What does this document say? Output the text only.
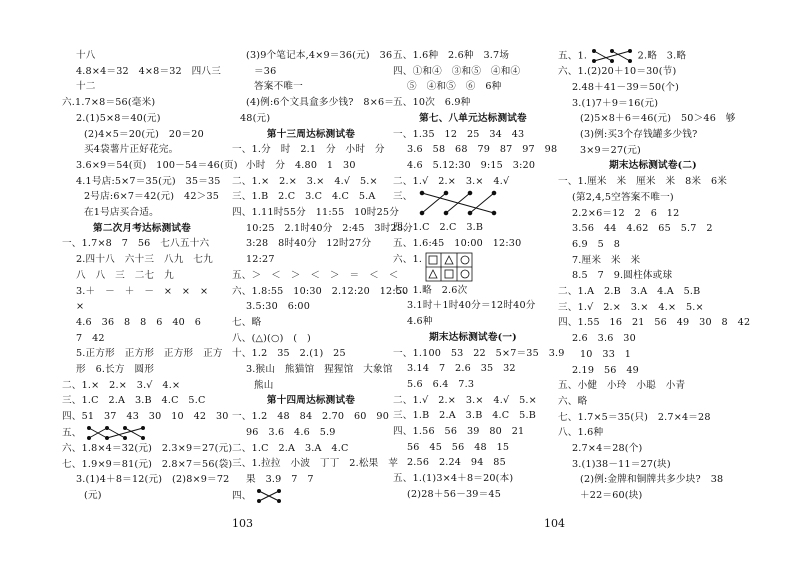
十八
4.8×4＝32　4×8＝32　四八三
十二
六.1.7×8＝56(毫米)
2.(1)5×8＝40(元)
(2)4×5＝20(元)　20＝20
买4袋薯片正好花完。
3.6×9＝54(页)　100－54＝46(页)
4.1号店:5×7＝35(元)　35＝35
2号店:6×7＝42(元)　42＞35
在1号店买合适。
第二次月考达标测试卷
一、1.7×8　7　56　七八五十六
2.四十八　六十三　八九　七九
八　八　三　二七　九
3.＋　－　＋　－　×　×　×
×
4.6　36　8　8　6　40　6
7　42
5.正方形　正方形　正方形　正方
形　6.长方　圆形
二、1.×　2.×　3.√　4.×
三、1.C　2.A　3.B　4.C　5.C
四、51　37　43　30　10　42　30
五、
六、1.8×4＝32(元)　2.3×9＝27(元)
七、1.9×9＝81(元)　2.8×7＝56(袋)
3.(1)4＋8＝12(元)　(2)8×9＝72
(元)
(3)9个笔记本,4×9＝36(元)　36
＝36
答案不唯一
(4)例:6个文具盒多少钱?　8×6＝
48(元)
第十三周达标测试卷
一、1.分　时　2.1　分　小时　分
小时　分　4.80　1　30
二、1.×　2.×　3.×　4.√　5.×
三、1.B　2.C　3.C　4.C　5.A
四、1.11时55分　11:55　10时25分
10:25　2.1时40分　2:45　3时28分
3:28　8时40分　12时27分
12:27
五、＞　＜　＞　＜　＞　＝　＜　＜
六、1.8:55　10:30　2.12:20　12:50
3.5:30　6:00
七、略
八、(△)(○)　(　)
十、1.2　35　2.(1)　25
3.猴山　熊猫馆　猩猩馆　大象馆
熊山
第十四周达标测试卷
一、1.2　48　84　2.70　60　90
96　3.6　4.6　5.9
二、1.C　2.A　3.A　4.C
三、1.拉拉　小波　丁丁　2.松果　苹
果　3.9　7　7
四、
103
五、1.6种　2.6种　3.7场
四、①和④　③和⑤　④和④
⑤　④和⑤　⑥　6种
五、10次　6.9种
第七、八单元达标测试卷
一、1.35　12　25　34　43
3.6　58　68　79　87　97　98
4.6　5.12:30　9:15　3:20
二、1.√　2.×　3.×　4.√
三、
四、1.C　2.C　3.B
五、1.6:45　10:00　12:30
六、1.
七、1.略　2.6次
3.1时＋1时40分＝12时40分
4.6种
期末达标测试卷(一)
一、1.100　53　22　5×7＝35　3.9
3.14　7　2.6　35　32
5.6　6.4　7.3
二、1.√　2.×　3.×　4.√　5.×
三、1.B　2.A　3.B　4.C　5.B
四、1.56　56　39　80　21
56　45　56　48　15
2.56　2.24　94　85
五、1.(1)3×4＋8＝20(本)
(2)28＋56－39＝45
五、1.	2.略　3.略
六、1.(2)20＋10＝30(节)
2.48＋41－39＝50(个)
3.(1)7＋9＝16(元)
(2)5×8＋6＝46(元)　50＞46　够
(3)例:买3个存钱罐多少钱?
3×9＝27(元)
期末达标测试卷(二)
一、1.厘米　米　厘米　米　8米　6米
(第2,4,5空答案不唯一)
2.2×6＝12　2　6　12
3.56　44　4.62　65　5.7　2
6.9　5　8
7.厘米　米　米
8.5　7　9.圆柱体或球
二、1.A　2.B　3.A　4.A　5.B
三、1.√　2.×　3.×　4.×　5.×
四、1.55　16　21　56　49　30　8　42
2.6　3.6　30
10　33　1
2.19　56　49
五、小健　小玲　小聪　小青
六、略
七、1.7×5＝35(只)　2.7×4＝28
八、1.6种
2.7×4＝28(个)
3.(1)38－11＝27(块)
(2)例:金牌和铜牌共多少块?　38
＋22＝60(块)
104
